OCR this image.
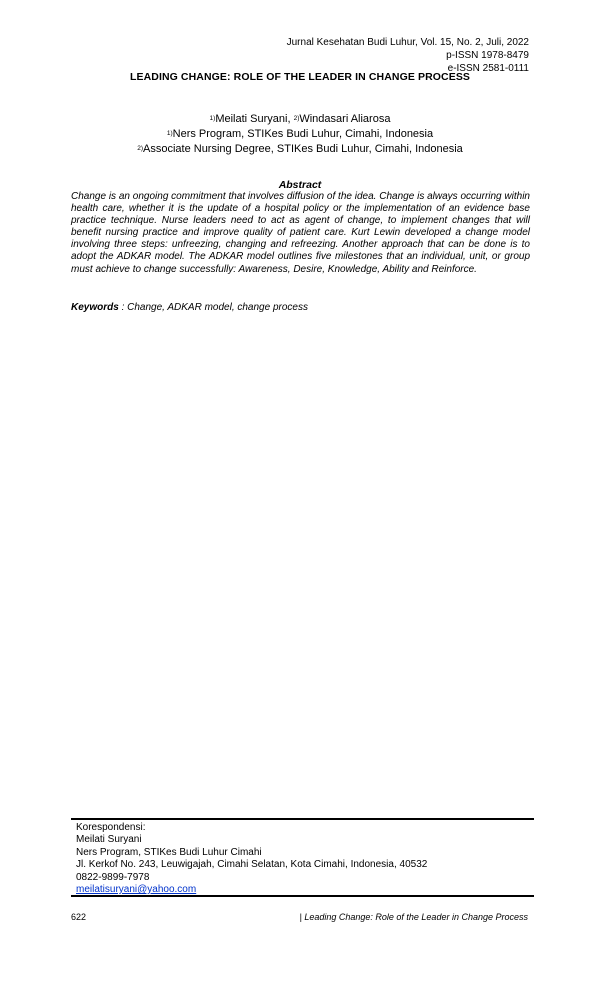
Jurnal Kesehatan Budi Luhur, Vol. 15, No. 2, Juli, 2022
p-ISSN 1978-8479
e-ISSN 2581-0111
LEADING CHANGE: ROLE OF THE LEADER IN CHANGE PROCESS
$^{1)}$Meilati Suryani, $^{2)}$Windasari Aliarosa
$^{1)}$Ners Program, STIKes Budi Luhur, Cimahi, Indonesia
$^{2)}$Associate Nursing Degree, STIKes Budi Luhur, Cimahi, Indonesia
Abstract

Change is an ongoing commitment that involves diffusion of the idea. Change is always occurring within health care, whether it is the update of a hospital policy or the implementation of an evidence base practice technique. Nurse leaders need to act as agent of change, to implement changes that will benefit nursing practice and improve quality of patient care. Kurt Lewin developed a change model involving three steps: unfreezing, changing and refreezing. Another approach that can be done is to adopt the ADKAR model. The ADKAR model outlines five milestones that an individual, unit, or group must achieve to change successfully: Awareness, Desire, Knowledge, Ability and Reinforce.

Keywords : Change, ADKAR model, change process
Korespondensi:
Meilati Suryani
Ners Program, STIKes Budi Luhur Cimahi
Jl. Kerkof No. 243, Leuwigajah, Cimahi Selatan, Kota Cimahi, Indonesia, 40532
0822-9899-7978
meilatisuryani@yahoo.com
622	| Leading Change: Role of the Leader in Change Process
